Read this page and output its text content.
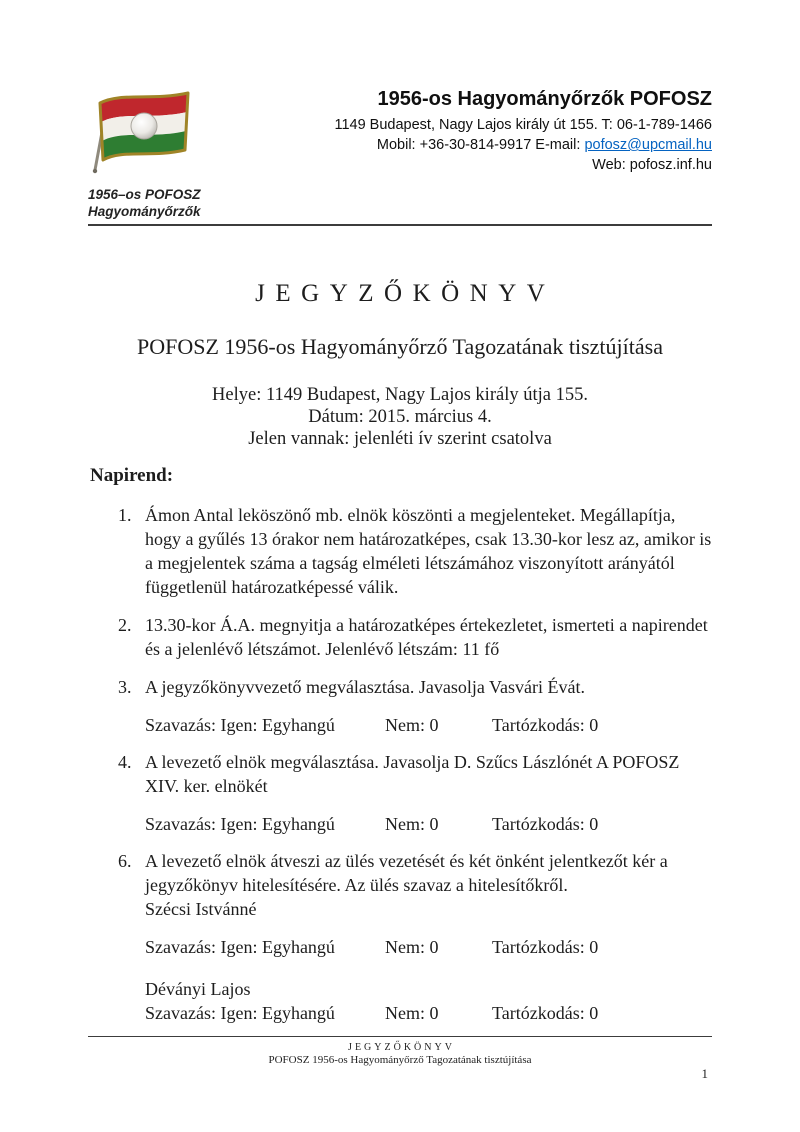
1956–os POFOSZ
Hagyományőrzők
1956-os Hagyományőrzők POFOSZ
1149 Budapest, Nagy Lajos király út 155. T: 06-1-789-1466
Mobil: +36-30-814-9917 E-mail: pofosz@upcmail.hu
Web: pofosz.inf.hu
JEGYZŐKÖNYV
POFOSZ 1956-os Hagyományőrző Tagozatának tisztújítása
Helye: 1149 Budapest, Nagy Lajos király útja 155.
Dátum: 2015. március 4.
Jelen vannak: jelenléti ív szerint csatolva
Napirend:
1. Ámon Antal leköszönő mb. elnök köszönti a megjelenteket. Megállapítja, hogy a gyűlés 13 órakor nem határozatképes, csak 13.30-kor lesz az, amikor is a megjelentek száma a tagság elméleti létszámához viszonyított arányától függetlenül határozatképessé válik.
2. 13.30-kor Á.A. megnyitja a határozatképes értekezletet, ismerteti a napirendet és a jelenlévő létszámot. Jelenlévő létszám: 11 fő
3. A jegyzőkönyvvezető megválasztása. Javasolja Vasvári Évát.
Szavazás: Igen: Egyhangú	Nem: 0	Tartózkodás: 0
4. A levezető elnök megválasztása. Javasolja D. Szűcs Lászlónét A POFOSZ XIV. ker. elnökét
Szavazás: Igen: Egyhangú	Nem: 0	Tartózkodás: 0
6. A levezető elnök átveszi az ülés vezetését és két önként jelentkezőt kér a jegyzőkönyv hitelesítésére. Az ülés szavaz a hitelesítőkről.
Szécsi Istvánné
Szavazás: Igen: Egyhangú	Nem: 0	Tartózkodás: 0
Déványi Lajos
Szavazás: Igen: Egyhangú	Nem: 0	Tartózkodás: 0
JEGYZŐKÖNYV
POFOSZ 1956-os Hagyományőrző Tagozatának tisztújítása
1
